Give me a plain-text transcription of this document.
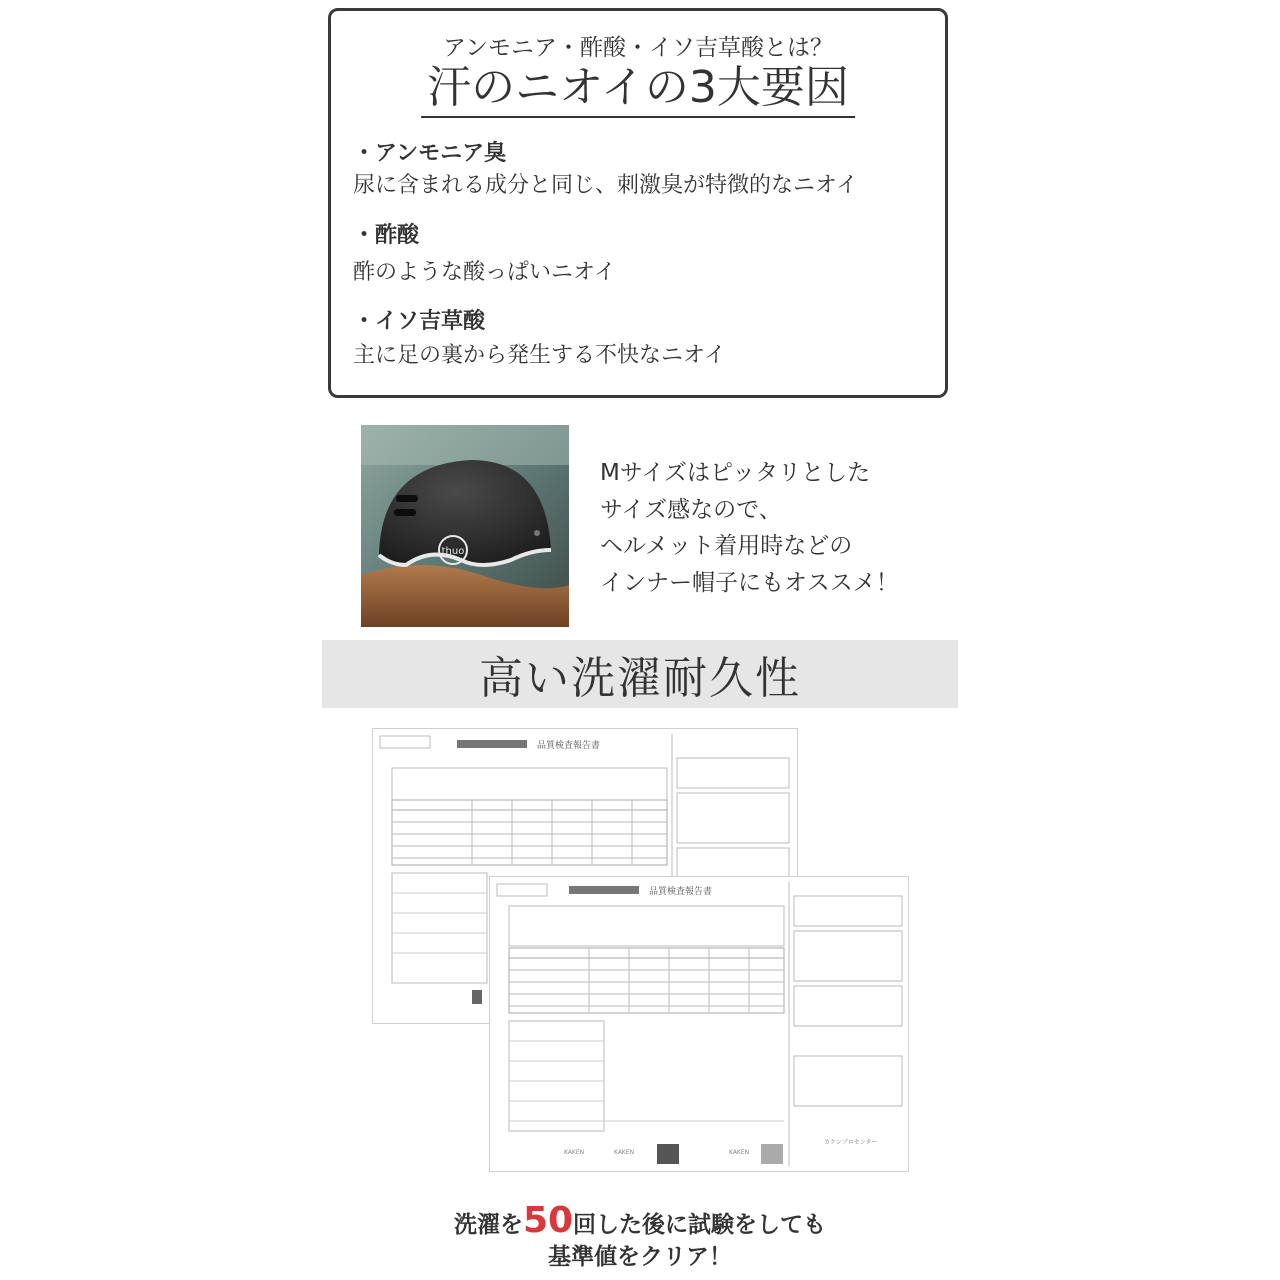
アンモニア・酢酸・イソ吉草酸とは？
汗のニオイの3大要因
・アンモニア臭
尿に含まれる成分と同じ、刺激臭が特徴的なニオイ
・酢酸
酢のような酸っぱいニオイ
・イソ吉草酸
主に足の裏から発生する不快なニオイ
thuo
Mサイズはピッタリとした
サイズ感なので、
ヘルメット着用時などの
インナー帽子にもオススメ！
高い洗濯耐久性
品質検査報告書
品質検査報告書
KAKEN	KAKEN	KAKEN
カケンプロセンター
洗濯を50回した後に試験をしても
基準値をクリア！
